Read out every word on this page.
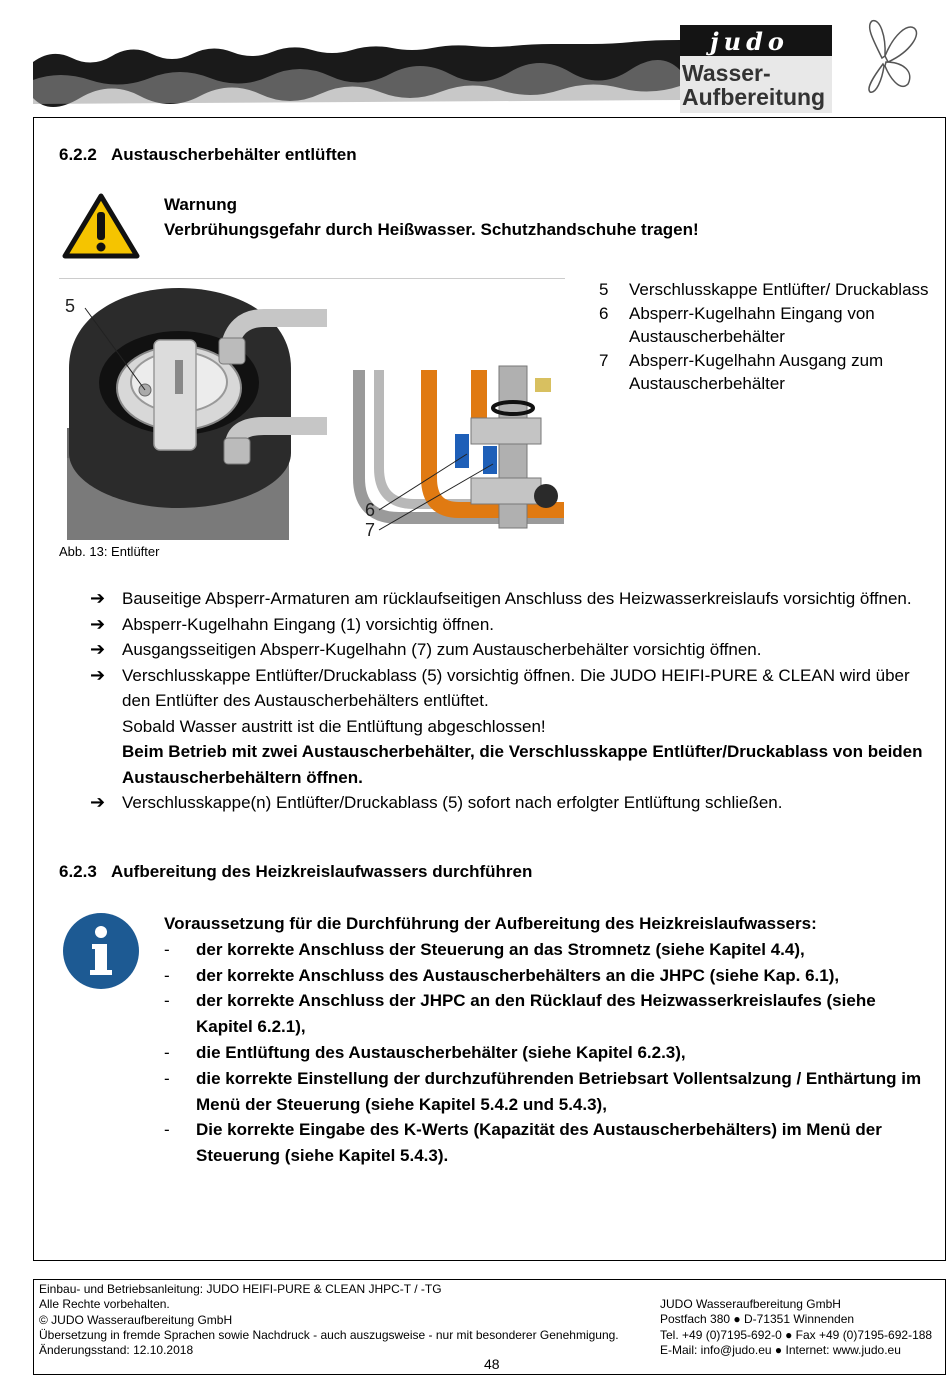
judo
Wasser-
Aufbereitung
6.2.2 Austauscherbehälter entlüften
Warnung
Verbrühungsgefahr durch Heißwasser. Schutzhandschuhe tragen!
5
6
7
Abb. 13: Entlüfter
5	Verschlusskappe Entlüfter/ Druckablass
6	Absperr-Kugelhahn Eingang von Austauscherbehälter
7	Absperr-Kugelhahn Ausgang zum Austauscherbehälter
➔ Bauseitige Absperr-Armaturen am rücklaufseitigen Anschluss des Heizwasserkreislaufs vorsichtig öffnen.

➔ Absperr-Kugelhahn Eingang (1) vorsichtig öffnen.

➔ Ausgangsseitigen Absperr-Kugelhahn (7) zum Austauscherbehälter vorsichtig öffnen.

➔ Verschlusskappe Entlüfter/Druckablass (5) vorsichtig öffnen. Die JUDO HEIFI-PURE & CLEAN wird über den Entlüfter des Austauscherbehälters entlüftet.

Sobald Wasser austritt ist die Entlüftung abgeschlossen!

Beim Betrieb mit zwei Austauscherbehälter, die Verschlusskappe Entlüfter/Druckablass von beiden Austauscherbehältern öffnen.

➔ Verschlusskappe(n) Entlüfter/Druckablass (5) sofort nach erfolgter Entlüftung schließen.

6.2.3 Aufbereitung des Heizkreislaufwassers durchführen

Voraussetzung für die Durchführung der Aufbereitung des Heizkreislaufwassers:

-	der korrekte Anschluss der Steuerung an das Stromnetz (siehe Kapitel 4.4),
-	der korrekte Anschluss des Austauscherbehälters an die JHPC (siehe Kap. 6.1),
-	der korrekte Anschluss der JHPC an den Rücklauf des Heizwasserkreislaufes (siehe Kapitel 6.2.1),
-	die Entlüftung des Austauscherbehälter (siehe Kapitel 6.2.3),
-	die korrekte Einstellung der durchzuführenden Betriebsart Vollentsalzung / Enthärtung im Menü der Steuerung (siehe Kapitel 5.4.2 und 5.4.3),
-	Die korrekte Eingabe des K-Werts (Kapazität des Austauscherbehälters) im Menü der Steuerung (siehe Kapitel 5.4.3).
Einbau- und Betriebsanleitung: JUDO HEIFI-PURE & CLEAN JHPC-T / -TG
Alle Rechte vorbehalten.
© JUDO Wasseraufbereitung GmbH
Übersetzung in fremde Sprachen sowie Nachdruck - auch auszugsweise - nur mit besonderer Genehmigung.
Änderungsstand: 12.10.2018
JUDO Wasseraufbereitung GmbH
Postfach 380 ● D-71351 Winnenden
Tel. +49 (0)7195-692-0 ● Fax +49 (0)7195-692-188
E-Mail: info@judo.eu ● Internet: www.judo.eu
48
